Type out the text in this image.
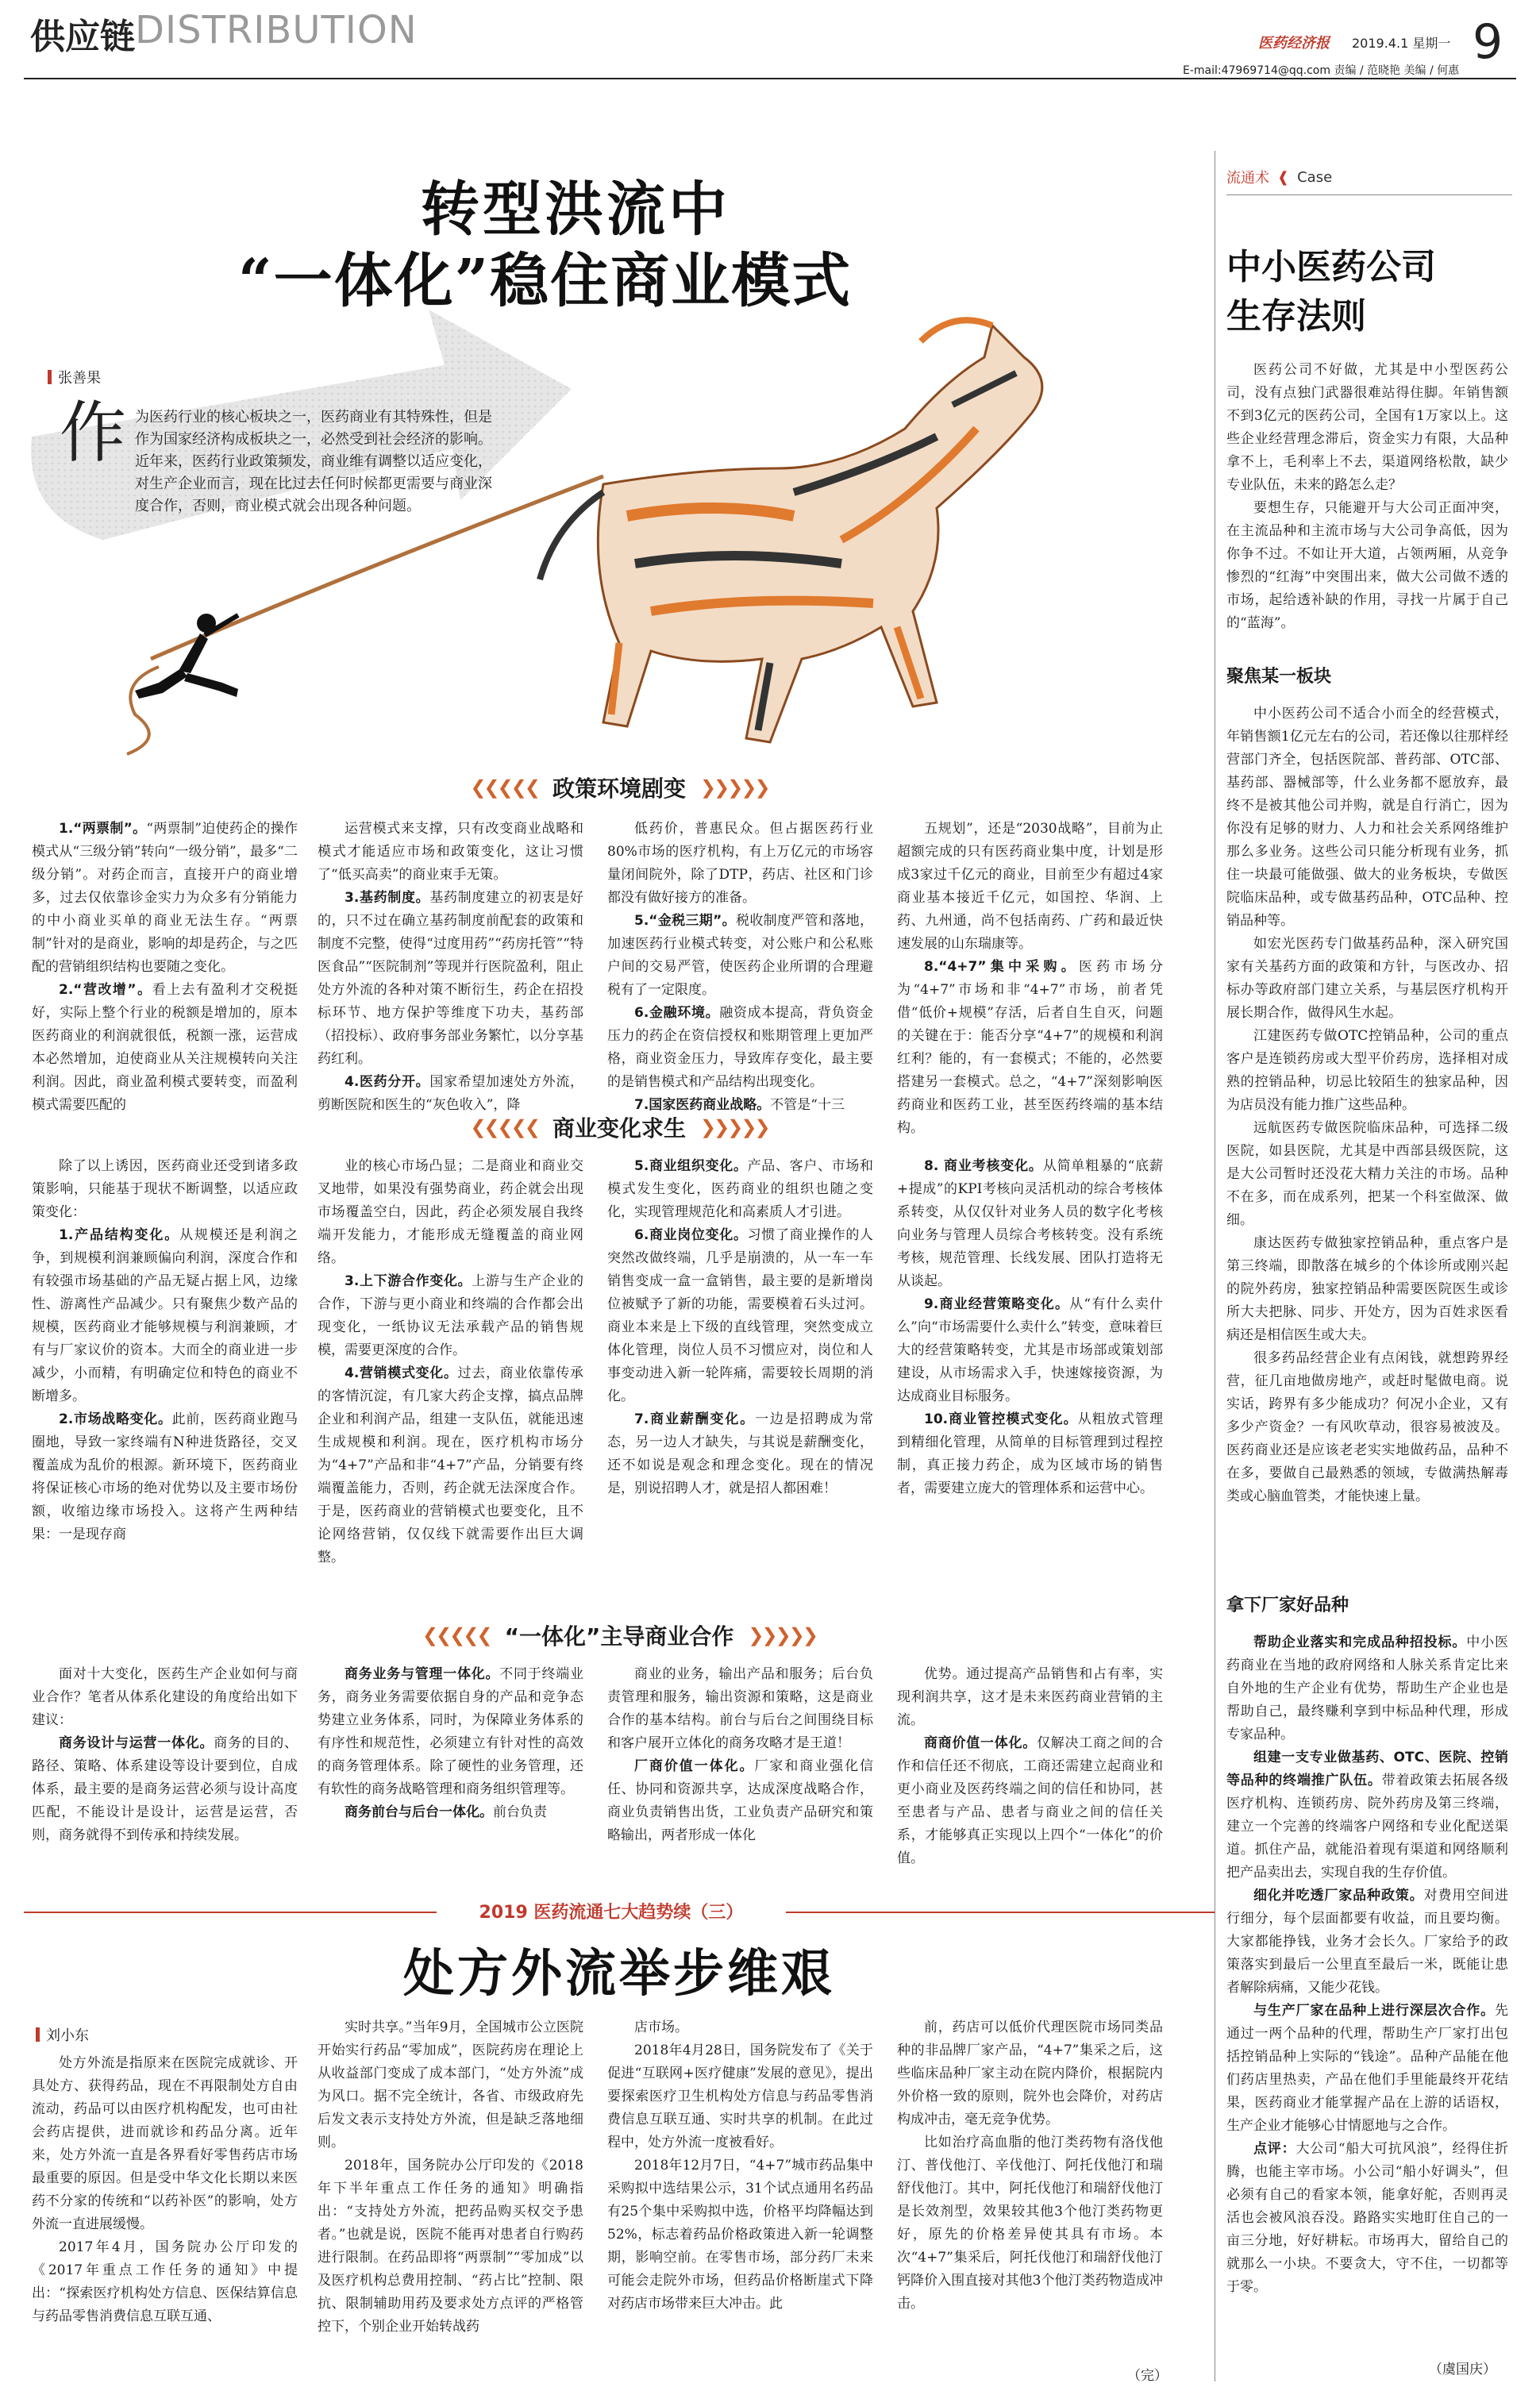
供应链 DISTRIBUTION	医药经济报 2019.4.1 星期一 9
E-mail:47969714@qq.com 责编 / 范晓艳 美编 / 何惠
转型洪流中
“一体化”稳住商业模式
张善果
作 为医药行业的核心板块之一，医药商业有其特殊性，但是作为国家经济构成板块之一，必然受到社会经济的影响。近年来，医药行业政策频发，商业维有调整以适应变化，对生产企业而言，现在比过去任何时候都更需要与商业深度合作，否则，商业模式就会出现各种问题。
❮❮❮❮❮ 政策环境剧变 ❯❯❯❯❯

1.“两票制”。“两票制”迫使药企的操作模式从“三级分销”转向“一级分销”，最多“二级分销”。对药企而言，直接开户的商业增多，过去仅依靠诊金实力为众多有分销能力的中小商业买单的商业无法生存。“两票制”针对的是商业，影响的却是药企，与之匹配的营销组织结构也要随之变化。

2.“营改增”。看上去有盈利才交税挺好，实际上整个行业的税额是增加的，原本医药商业的利润就很低，税额一涨，运营成本必然增加，迫使商业从关注规模转向关注利润。因此，商业盈利模式要转变，而盈利模式需要匹配的

运营模式来支撑，只有改变商业战略和模式才能适应市场和政策变化，这让习惯了“低买高卖”的商业束手无策。

3.基药制度。基药制度建立的初衷是好的，只不过在确立基药制度前配套的政策和制度不完整，使得“过度用药”“药房托管”“特医食品”“医院制剂”等现并行医院盈利，阻止处方外流的各种对策不断衍生，药企在招投标环节、地方保护等维度下功夫，基药部（招投标）、政府事务部业务繁忙，以分享基药红利。

4.医药分开。国家希望加速处方外流，剪断医院和医生的“灰色收入”，降

低药价，普惠民众。但占据医药行业80%市场的医疗机构，有上万亿元的市场容量闭间院外，除了DTP，药店、社区和门诊都没有做好接方的准备。

5.“金税三期”。税收制度严管和落地，加速医药行业模式转变，对公账户和公私账户间的交易严管，使医药企业所谓的合理避税有了一定限度。

6.金融环境。融资成本提高，背负资金压力的药企在资信授权和账期管理上更加严格，商业资金压力，导致库存变化，最主要的是销售模式和产品结构出现变化。

7.国家医药商业战略。不管是“十三

五规划”，还是“2030战略”，目前为止超额完成的只有医药商业集中度，计划是形成3家过千亿元的商业，目前至少有超过4家商业基本接近千亿元，如国控、华润、上药、九州通，尚不包括南药、广药和最近快速发展的山东瑞康等。

8.“4+7”集中采购。医药市场分为“4+7”市场和非“4+7”市场，前者凭借“低价+规模”存活，后者自生自灭，问题的关键在于：能否分享“4+7”的规模和利润红利？能的，有一套模式；不能的，必然要搭建另一套模式。总之，“4+7”深刻影响医药商业和医药工业，甚至医药终端的基本结构。

❮❮❮❮❮ 商业变化求生 ❯❯❯❯❯

除了以上诱因，医药商业还受到诸多政策影响，只能基于现状不断调整，以适应政策变化：

1.产品结构变化。从规模还是利润之争，到规模利润兼顾偏向利润，深度合作和有较强市场基础的产品无疑占据上风，边缘性、游离性产品减少。只有聚焦少数产品的规模，医药商业才能够规模与利润兼顾，才有与厂家议价的资本。大而全的商业进一步减少，小而精，有明确定位和特色的商业不断增多。

2.市场战略变化。此前，医药商业跑马圈地，导致一家终端有N种进货路径，交叉覆盖成为乱价的根源。新环境下，医药商业将保证核心市场的绝对优势以及主要市场份额，收缩边缘市场投入。这将产生两种结果：一是现存商

业的核心市场凸显；二是商业和商业交叉地带，如果没有强势商业，药企就会出现市场覆盖空白，因此，药企必须发展自我终端开发能力，才能形成无缝覆盖的商业网络。

3.上下游合作变化。上游与生产企业的合作，下游与更小商业和终端的合作都会出现变化，一纸协议无法承载产品的销售规模，需要更深度的合作。

4.营销模式变化。过去，商业依靠传承的客情沉淀，有几家大药企支撑，搞点品牌企业和利润产品，组建一支队伍，就能迅速生成规模和利润。现在，医疗机构市场分为“4+7”产品和非“4+7”产品，分销要有终端覆盖能力，否则，药企就无法深度合作。于是，医药商业的营销模式也要变化，且不论网络营销，仅仅线下就需要作出巨大调整。

5.商业组织变化。产品、客户、市场和模式发生变化，医药商业的组织也随之变化，实现管理规范化和高素质人才引进。

6.商业岗位变化。习惯了商业操作的人突然改做终端，几乎是崩溃的，从一车一车销售变成一盒一盒销售，最主要的是新增岗位被赋予了新的功能，需要模着石头过河。商业本来是上下级的直线管理，突然变成立体化管理，岗位人员不习惯应对，岗位和人事变动进入新一轮阵痛，需要较长周期的消化。

7.商业薪酬变化。一边是招聘成为常态，另一边人才缺失，与其说是薪酬变化，还不如说是观念和理念变化。现在的情况是，别说招聘人才，就是招人都困难！

8. 商业考核变化。从简单粗暴的“底薪+提成”的KPI考核向灵活机动的综合考核体系转变，从仅仅针对业务人员的数字化考核向业务与管理人员综合考核转变。没有系统考核，规范管理、长线发展、团队打造将无从谈起。

9.商业经营策略变化。从“有什么卖什么”向“市场需要什么卖什么”转变，意味着巨大的经营策略转变，尤其是市场部或策划部建设，从市场需求入手，快速嫁接资源，为达成商业目标服务。

10.商业管控模式变化。从粗放式管理到精细化管理，从简单的目标管理到过程控制，真正接力药企，成为区域市场的销售者，需要建立庞大的管理体系和运营中心。

❮❮❮❮❮ “一体化”主导商业合作 ❯❯❯❯❯

面对十大变化，医药生产企业如何与商业合作？笔者从体系化建设的角度给出如下建议：

商务设计与运营一体化。商务的目的、路径、策略、体系建设等设计要到位，自成体系，最主要的是商务运营必须与设计高度匹配，不能设计是设计，运营是运营，否则，商务就得不到传承和持续发展。

商务业务与管理一体化。不同于终端业务，商务业务需要依据自身的产品和竞争态势建立业务体系，同时，为保障业务体系的有序性和规范性，必须建立有针对性的高效的商务管理体系。除了硬性的业务管理，还有软性的商务战略管理和商务组织管理等。

商务前台与后台一体化。前台负责

商业的业务，输出产品和服务；后台负责管理和服务，输出资源和策略，这是商业合作的基本结构。前台与后台之间围绕目标和客户展开立体化的商务攻略才是王道！

厂商价值一体化。厂家和商业强化信任、协同和资源共享，达成深度战略合作，商业负责销售出货，工业负责产品研究和策略输出，两者形成一体化

优势。通过提高产品销售和占有率，实现利润共享，这才是未来医药商业营销的主流。

商商价值一体化。仅解决工商之间的合作和信任还不彻底，工商还需建立起商业和更小商业及医药终端之间的信任和协同，甚至患者与产品、患者与商业之间的信任关系，才能够真正实现以上四个“一体化”的价值。

2019 医药流通七大趋势续（三）
处方外流举步维艰
刘小东

处方外流是指原来在医院完成就诊、开具处方、获得药品，现在不再限制处方自由流动，药品可以由医疗机构配发，也可由社会药店提供，进而就诊和药品分离。近年来，处方外流一直是各界看好零售药店市场最重要的原因。但是受中华文化长期以来医药不分家的传统和“以药补医”的影响，处方外流一直进展缓慢。

2017年4月，国务院办公厅印发的《2017年重点工作任务的通知》中提出：“探索医疗机构处方信息、医保结算信息与药品零售消费信息互联互通、

实时共享。”当年9月，全国城市公立医院开始实行药品“零加成”，医院药房在理论上从收益部门变成了成本部门，“处方外流”成为风口。据不完全统计，各省、市级政府先后发文表示支持处方外流，但是缺乏落地细则。

2018年，国务院办公厅印发的《2018年下半年重点工作任务的通知》明确指出：“支持处方外流，把药品购买权交予患者。”也就是说，医院不能再对患者自行购药进行限制。在药品即将“两票制”“零加成”以及医疗机构总费用控制、“药占比”控制、限抗、限制辅助用药及要求处方点评的严格管控下，个别企业开始转战药

店市场。

2018年4月28日，国务院发布了《关于促进“互联网+医疗健康”发展的意见》，提出要探索医疗卫生机构处方信息与药品零售消费信息互联互通、实时共享的机制。在此过程中，处方外流一度被看好。

2018年12月7日，“4+7”城市药品集中采购拟中选结果公示，31个试点通用名药品有25个集中采购拟中选，价格平均降幅达到52%，标志着药品价格政策进入新一轮调整期，影响空前。在零售市场，部分药厂未来可能会走院外市场，但药品价格断崖式下降对药店市场带来巨大冲击。此

前，药店可以低价代理医院市场同类品种的非品牌厂家产品，“4+7”集采之后，这些临床品种厂家主动在院内降价，根据院内外价格一致的原则，院外也会降价，对药店构成冲击，毫无竞争优势。

比如治疗高血脂的他汀类药物有洛伐他汀、普伐他汀、辛伐他汀、阿托伐他汀和瑞舒伐他汀。其中，阿托伐他汀和瑞舒伐他汀是长效剂型，效果较其他3个他汀类药物更好，原先的价格差异使其具有市场。本次“4+7”集采后，阿托伐他汀和瑞舒伐他汀钙降价入围直接对其他3个他汀类药物造成冲击。

（完）
流通术 ❰ Case
中小医药公司
生存法则

医药公司不好做，尤其是中小型医药公司，没有点独门武器很难站得住脚。年销售额不到3亿元的医药公司，全国有1万家以上。这些企业经营理念滞后，资金实力有限，大品种拿不上，毛利率上不去，渠道网络松散，缺少专业队伍，未来的路怎么走？

要想生存，只能避开与大公司正面冲突，在主流品种和主流市场与大公司争高低，因为你争不过。不如让开大道，占领两厢，从竞争惨烈的“红海”中突围出来，做大公司做不透的市场，起给透补缺的作用，寻找一片属于自己的“蓝海”。

聚焦某一板块

中小医药公司不适合小而全的经营模式，年销售额1亿元左右的公司，若还像以往那样经营部门齐全，包括医院部、普药部、OTC部、基药部、器械部等，什么业务都不愿放弃，最终不是被其他公司并购，就是自行消亡，因为你没有足够的财力、人力和社会关系网络维护那么多业务。这些公司只能分析现有业务，抓住一块最可能做强、做大的业务板块，专做医院临床品种，或专做基药品种，OTC品种、控销品种等。

如宏光医药专门做基药品种，深入研究国家有关基药方面的政策和方针，与医改办、招标办等政府部门建立关系，与基层医疗机构开展长期合作，做得风生水起。

江建医药专做OTC控销品种，公司的重点客户是连锁药房或大型平价药房，选择相对成熟的控销品种，切忌比较陌生的独家品种，因为店员没有能力推广这些品种。

远航医药专做医院临床品种，可选择二级医院，如县医院，尤其是中西部县级医院，这是大公司暂时还没花大精力关注的市场。品种不在多，而在成系列，把某一个科室做深、做细。

康达医药专做独家控销品种，重点客户是第三终端，即散落在城乡的个体诊所或刚兴起的院外药房，独家控销品种需要医院医生或诊所大夫把脉、同步、开处方，因为百姓求医看病还是相信医生或大夫。

很多药品经营企业有点闲钱，就想跨界经营，征几亩地做房地产，或赶时髦做电商。说实话，跨界有多少能成功？何况小企业，又有多少产资金？一有风吹草动，很容易被波及。医药商业还是应该老老实实地做药品，品种不在多，要做自己最熟悉的领域，专做满热解毒类或心脑血管类，才能快速上量。

拿下厂家好品种

帮助企业落实和完成品种招投标。中小医药商业在当地的政府网络和人脉关系肯定比来自外地的生产企业有优势，帮助生产企业也是帮助自己，最终赚利享到中标品种代理，形成专家品种。

组建一支专业做基药、OTC、医院、控销等品种的终端推广队伍。带着政策去拓展各级医疗机构、连锁药房、院外药房及第三终端，建立一个完善的终端客户网络和专业化配送渠道。抓住产品，就能沿着现有渠道和网络顺利把产品卖出去，实现自我的生存价值。

细化并吃透厂家品种政策。对费用空间进行细分，每个层面都要有收益，而且要均衡。大家都能挣钱，业务才会长久。厂家给予的政策落实到最后一公里直至最后一米，既能让患者解除病痛，又能少花钱。

与生产厂家在品种上进行深层次合作。先通过一两个品种的代理，帮助生产厂家打出包括控销品种上实际的“钱途”。品种产品能在他们药店里热卖，产品在他们手里能最终开花结果，医药商业才能掌握产品在上游的话语权，生产企业才能够心甘情愿地与之合作。

点评：大公司“船大可抗风浪”，经得住折腾，也能主宰市场。小公司“船小好调头”，但必须有自己的看家本领，能拿好舵，否则再灵活也会被风浪吞没。路路实实地盯住自己的一亩三分地，好好耕耘。市场再大，留给自己的就那么一小块。不要贪大，守不住，一切都等于零。

（虞国庆）
